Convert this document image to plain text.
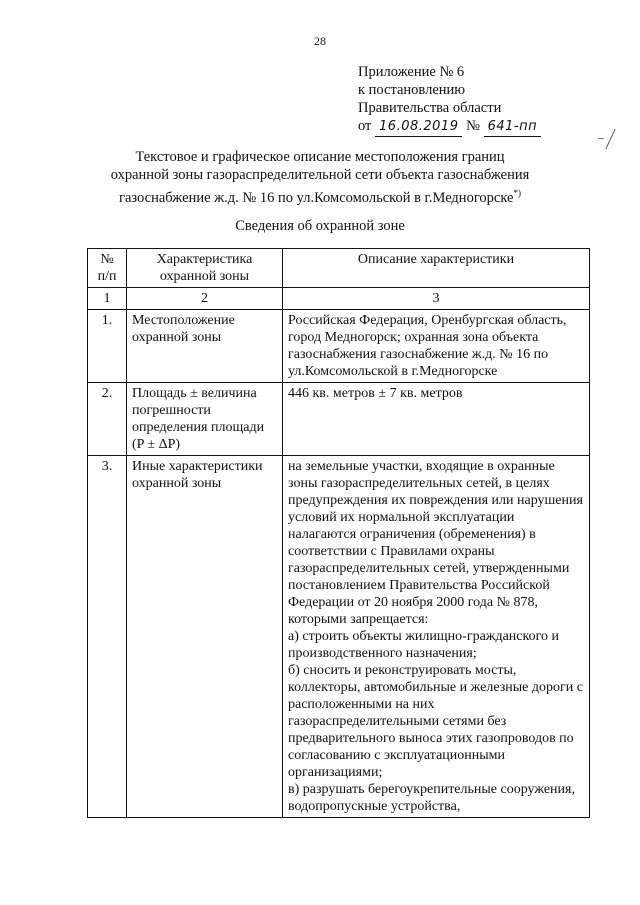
28
Приложение № 6
к постановлению
Правительства области
от 16.08.2019 № 641-пп
Текстовое и графическое описание местоположения границ
охранной зоны газораспределительной сети объекта газоснабжения
газоснабжение ж.д. № 16 по ул.Комсомольской в г.Медногорске*)
Сведения об охранной зоне
№ п/п	Характеристика охранной зоны	Описание характеристики
1	2	3
1.	Местоположение охранной зоны	Российская Федерация, Оренбургская область, город Медногорск; охранная зона объекта газоснабжения газоснабжение ж.д. № 16 по ул.Комсомольской в г.Медногорске

2.	Площадь ± величина погрешности определения площади (P ± ΔP)	446 кв. метров ± 7 кв. метров

3.	Иные характеристики охранной зоны	на земельные участки, входящие в охранные зоны газораспределительных сетей, в целях предупреждения их повреждения или нарушения условий их нормальной эксплуатации налагаются ограничения (обременения) в соответствии с Правилами охраны газораспределительных сетей, утвержденными постановлением Правительства Российской Федерации от 20 ноября 2000 года № 878, которыми запрещается:
а) строить объекты жилищно-гражданского и производственного назначения;
б) сносить и реконструировать мосты, коллекторы, автомобильные и железные дороги с расположенными на них газораспределительными сетями без предварительного выноса этих газопроводов по согласованию с эксплуатационными организациями;
в) разрушать берегоукрепительные сооружения, водопропускные устройства,
